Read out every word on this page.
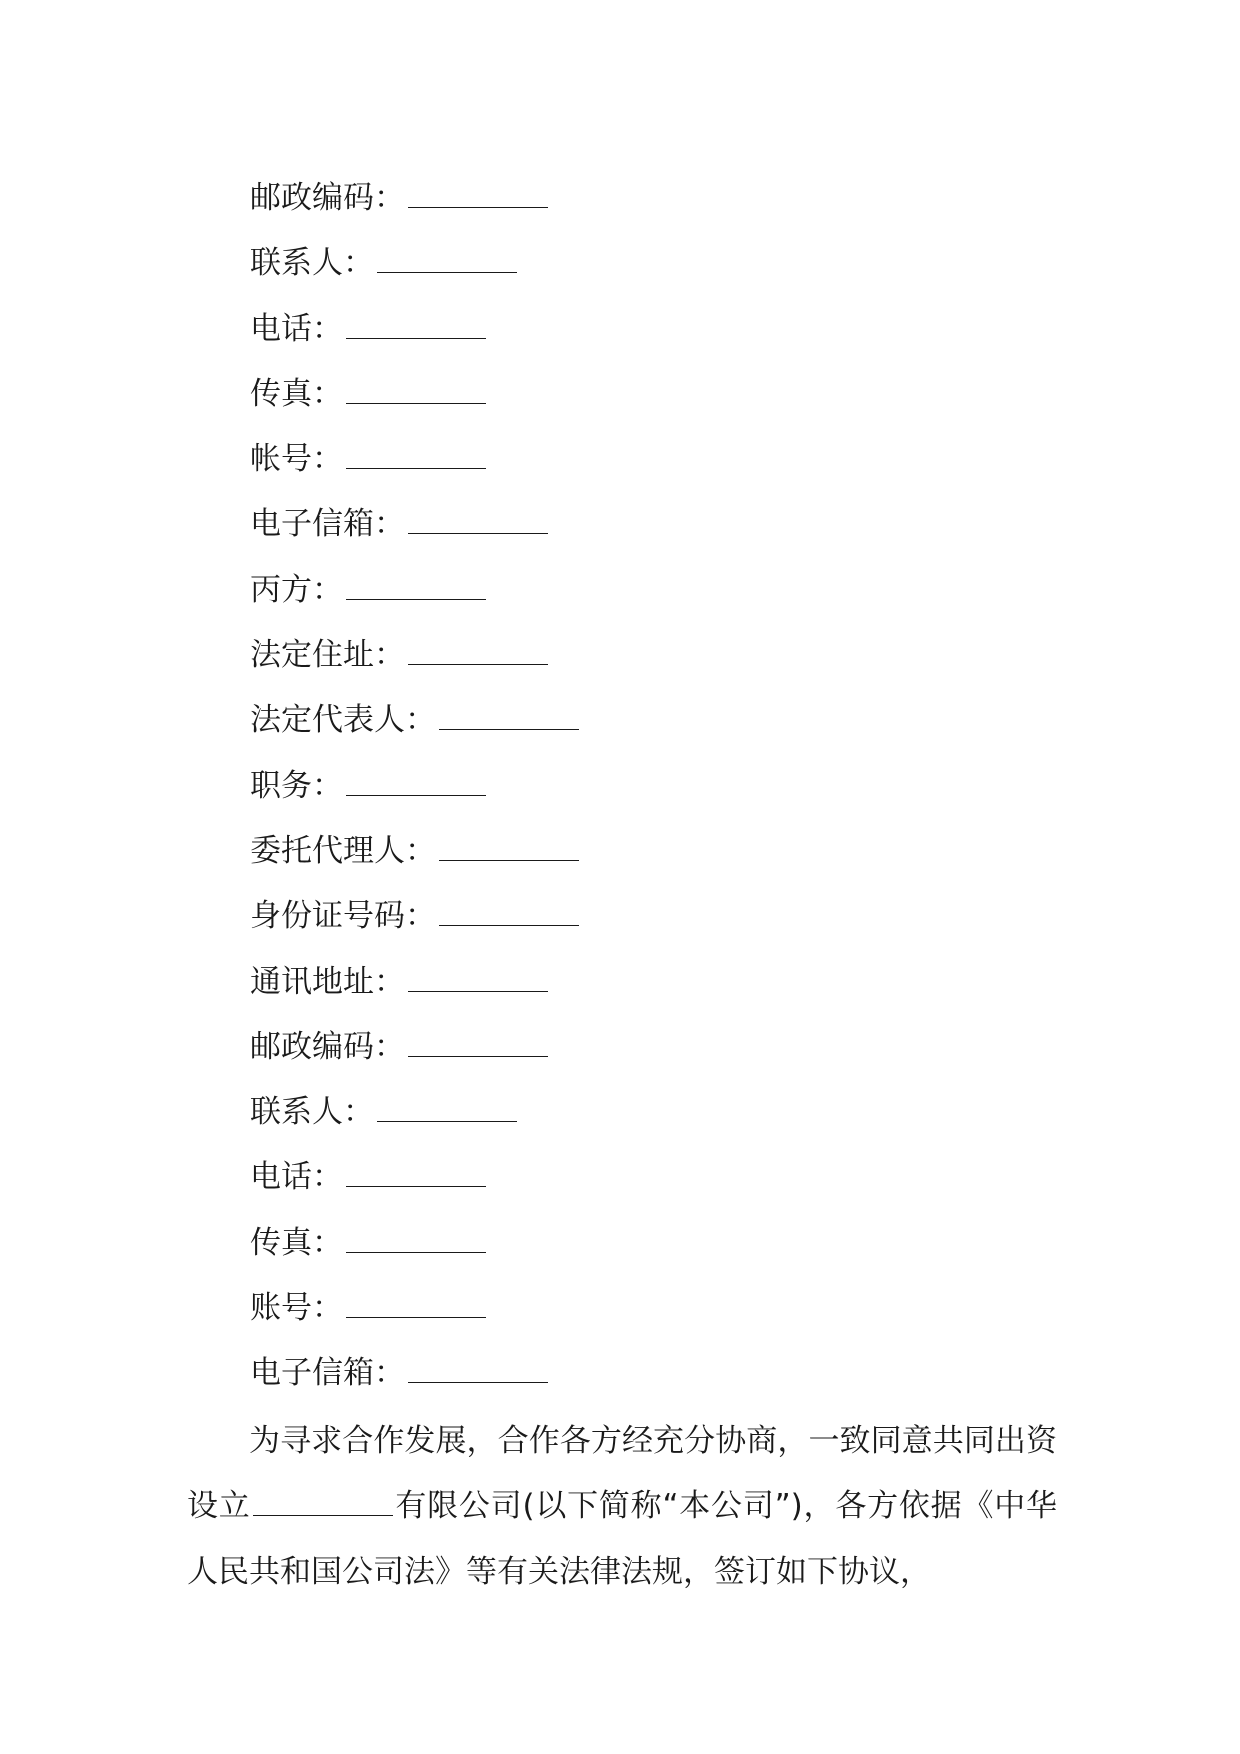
邮政编码：
联系人：
电话：
传真：
帐号：
电子信箱：
丙方：
法定住址：
法定代表人：
职务：
委托代理人：
身份证号码：
通讯地址：
邮政编码：
联系人：
电话：
传真：
账号：
电子信箱：

为寻求合作发展，合作各方经充分协商，一致同意共同出资设立	有限公司(以下简称“本公司”)，各方依据《中华人民共和国公司法》等有关法律法规，签订如下协议，
